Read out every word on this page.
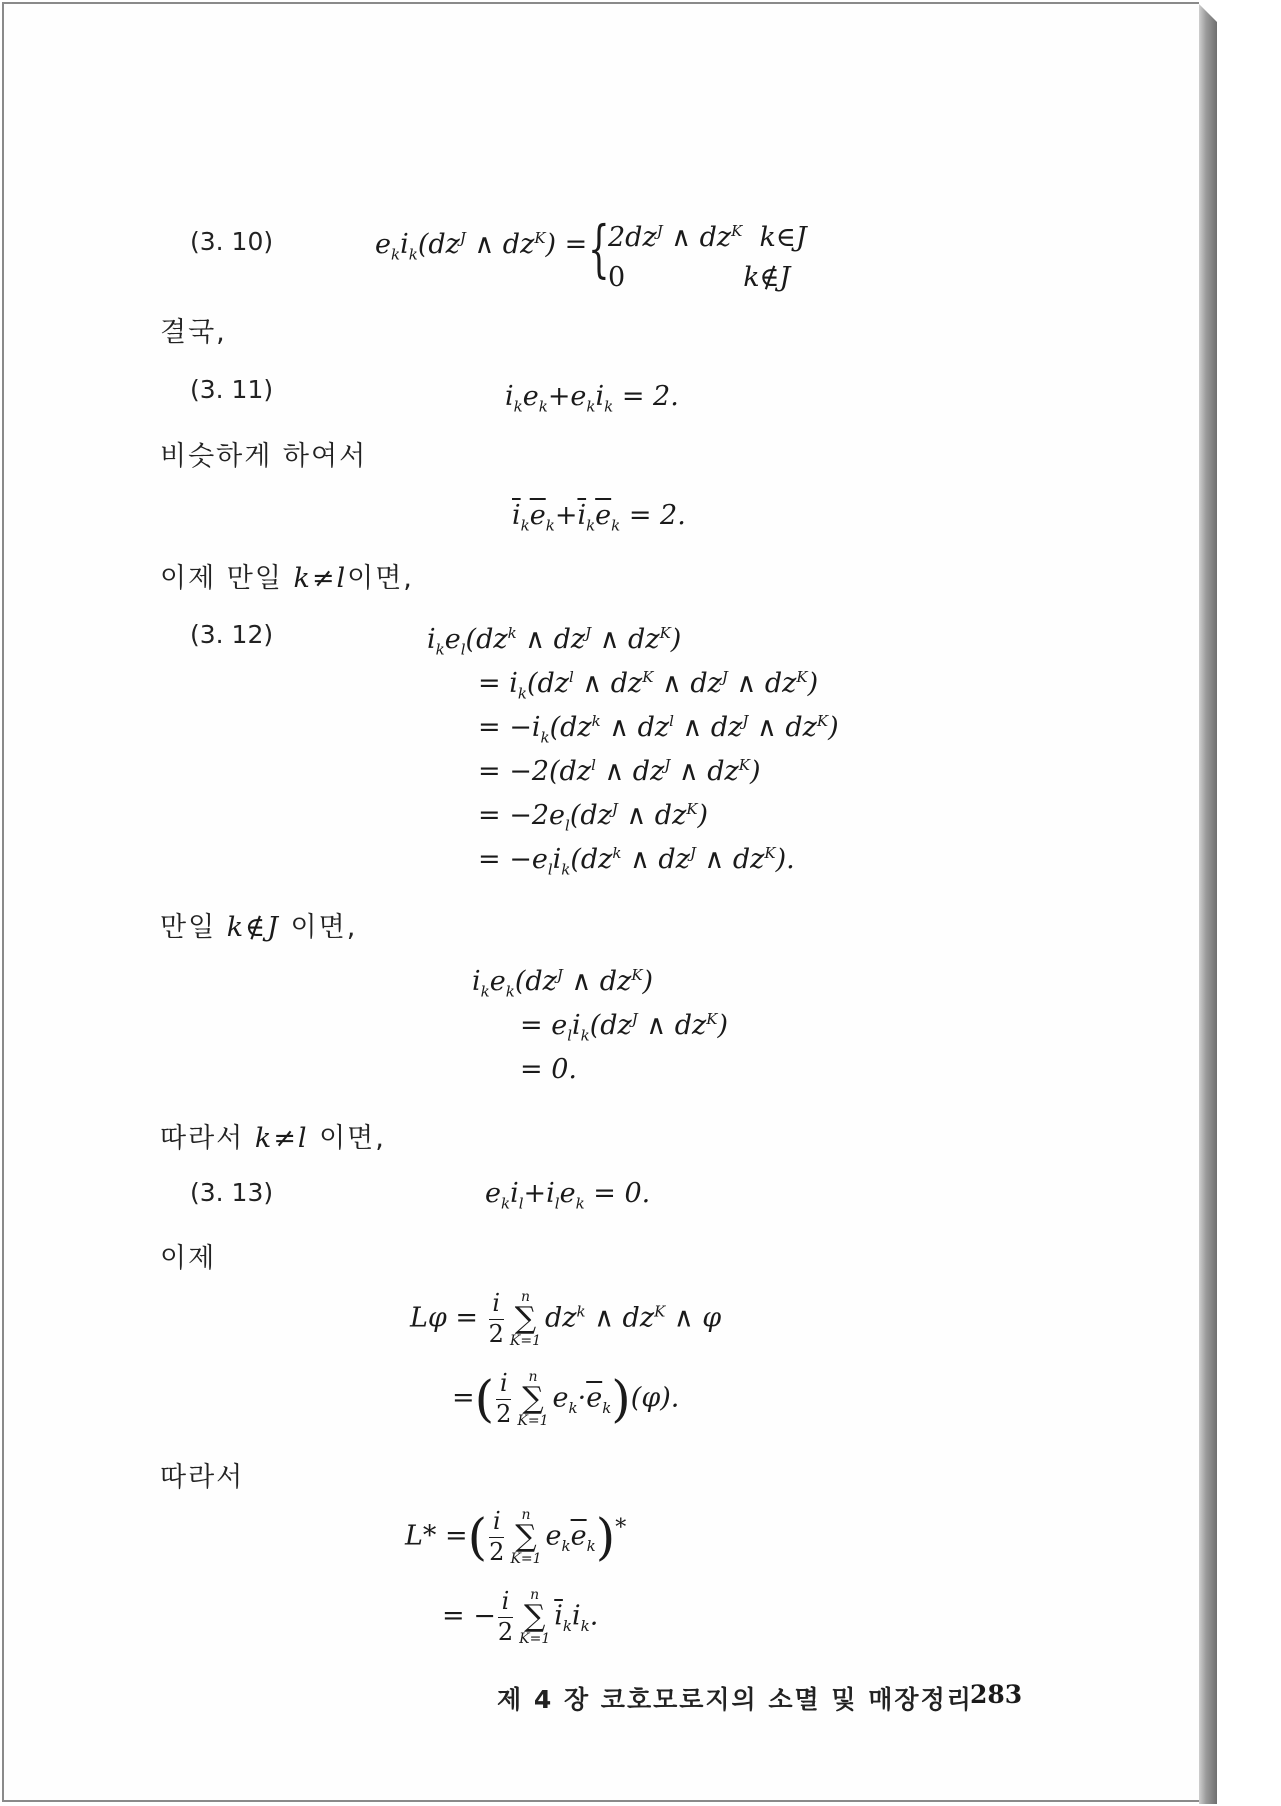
(3. 10)	$e_ki_k(dz^J$ ∧ $dz^K$) = {
$2dz^J$ ∧ $dz^K$  k∈J
0	k∉J
결국,
(3. 11)	$i_ke_k+e_ki_k = 2$.
비슷하게 하여서
$\overline{i}_k\overline{e}_k+\overline{i}_k\overline{e}_k = 2$.
이제 만일 k≠l이면,
(3. 12)	$i_ke_l(dz^k$ ∧ $dz^J$ ∧ $dz^K$)
= $i_k(dz^l$ ∧ $dz^K$ ∧ $dz^J$ ∧ $dz^K$)
= $-i_k(dz^k$ ∧ $dz^l$ ∧ $dz^J$ ∧ $dz^K$)
= $-2(dz^l$ ∧ $dz^J$ ∧ $dz^K$)
= $-2e_l(dz^J$ ∧ $dz^K$)
= $-e_li_k(dz^k$ ∧ $dz^J$ ∧ $dz^K$).
만일 k∉J 이면,
$i_ke_k(dz^J$ ∧ $dz^K$)
= $e_li_k(dz^J$ ∧ $dz^K$)
= 0.
따라서 k≠l 이면,
(3. 13)	$e_ki_l+i_le_k = 0$.
이제
$L\varphi = \frac{i}{2}$	n
∑
K=1
$dz^k$ ∧ $dz^K$ ∧ φ
=( $\frac{i}{2}$	n
∑
K=1
$e_k\cdot\overline{e}_k)(\varphi)$.
따라서
L* =( $\frac{i}{2}$	n
∑
K=1
$e_k\overline{e}_k)^*$
= − $\frac{i}{2}$	n
∑
K=1
$\overline{i}_ki_k$.
제 4 장 코호모로지의 소멸 및 매장정리
283
